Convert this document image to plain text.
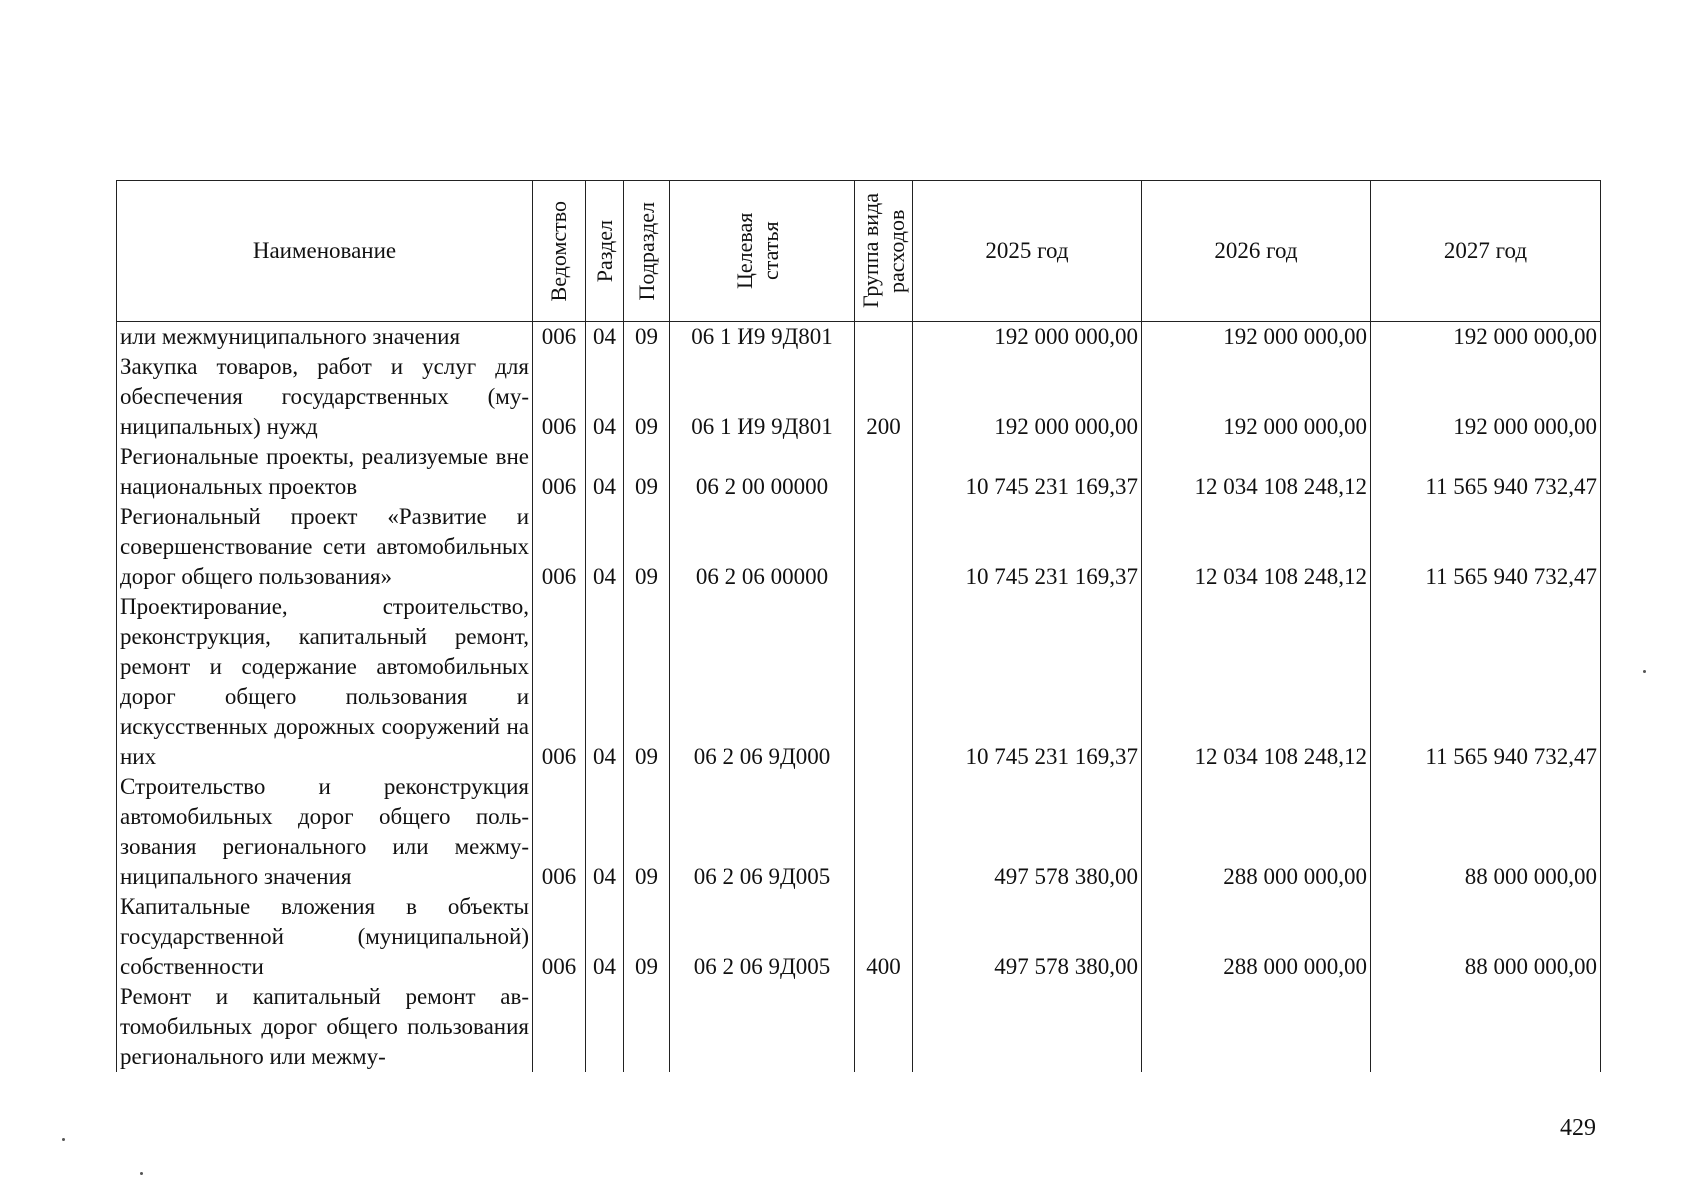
Наименование	Ведомство	Раздел	Подраздел	Целевая статья	Группа вида расходов	2025 год	2026 год	2027 год
или межмуниципального значения	006	04	09	06 1 И9 9Д801		192 000 000,00	192 000 000,00	192 000 000,00
Закупка товаров, работ и услуг для обеспечения государственных (муниципальных) нужд	006	04	09	06 1 И9 9Д801	200	192 000 000,00	192 000 000,00	192 000 000,00
Региональные проекты, реализуемые вне национальных проектов	006	04	09	06 2 00 00000		10 745 231 169,37	12 034 108 248,12	11 565 940 732,47
Региональный проект «Развитие и совершенствование сети автомобильных дорог общего пользования»	006	04	09	06 2 06 00000		10 745 231 169,37	12 034 108 248,12	11 565 940 732,47
Проектирование, строительство, реконструкция, капитальный ремонт, ремонт и содержание автомобильных дорог общего пользования и искусственных дорожных сооружений на них	006	04	09	06 2 06 9Д000		10 745 231 169,37	12 034 108 248,12	11 565 940 732,47
Строительство и реконструкция автомобильных дорог общего пользования регионального или межмуниципального значения	006	04	09	06 2 06 9Д005		497 578 380,00	288 000 000,00	88 000 000,00
Капитальные вложения в объекты государственной (муниципальной) собственности	006	04	09	06 2 06 9Д005	400	497 578 380,00	288 000 000,00	88 000 000,00
Ремонт и капитальный ремонт автомобильных дорог общего пользования регионального или межму-								
429
